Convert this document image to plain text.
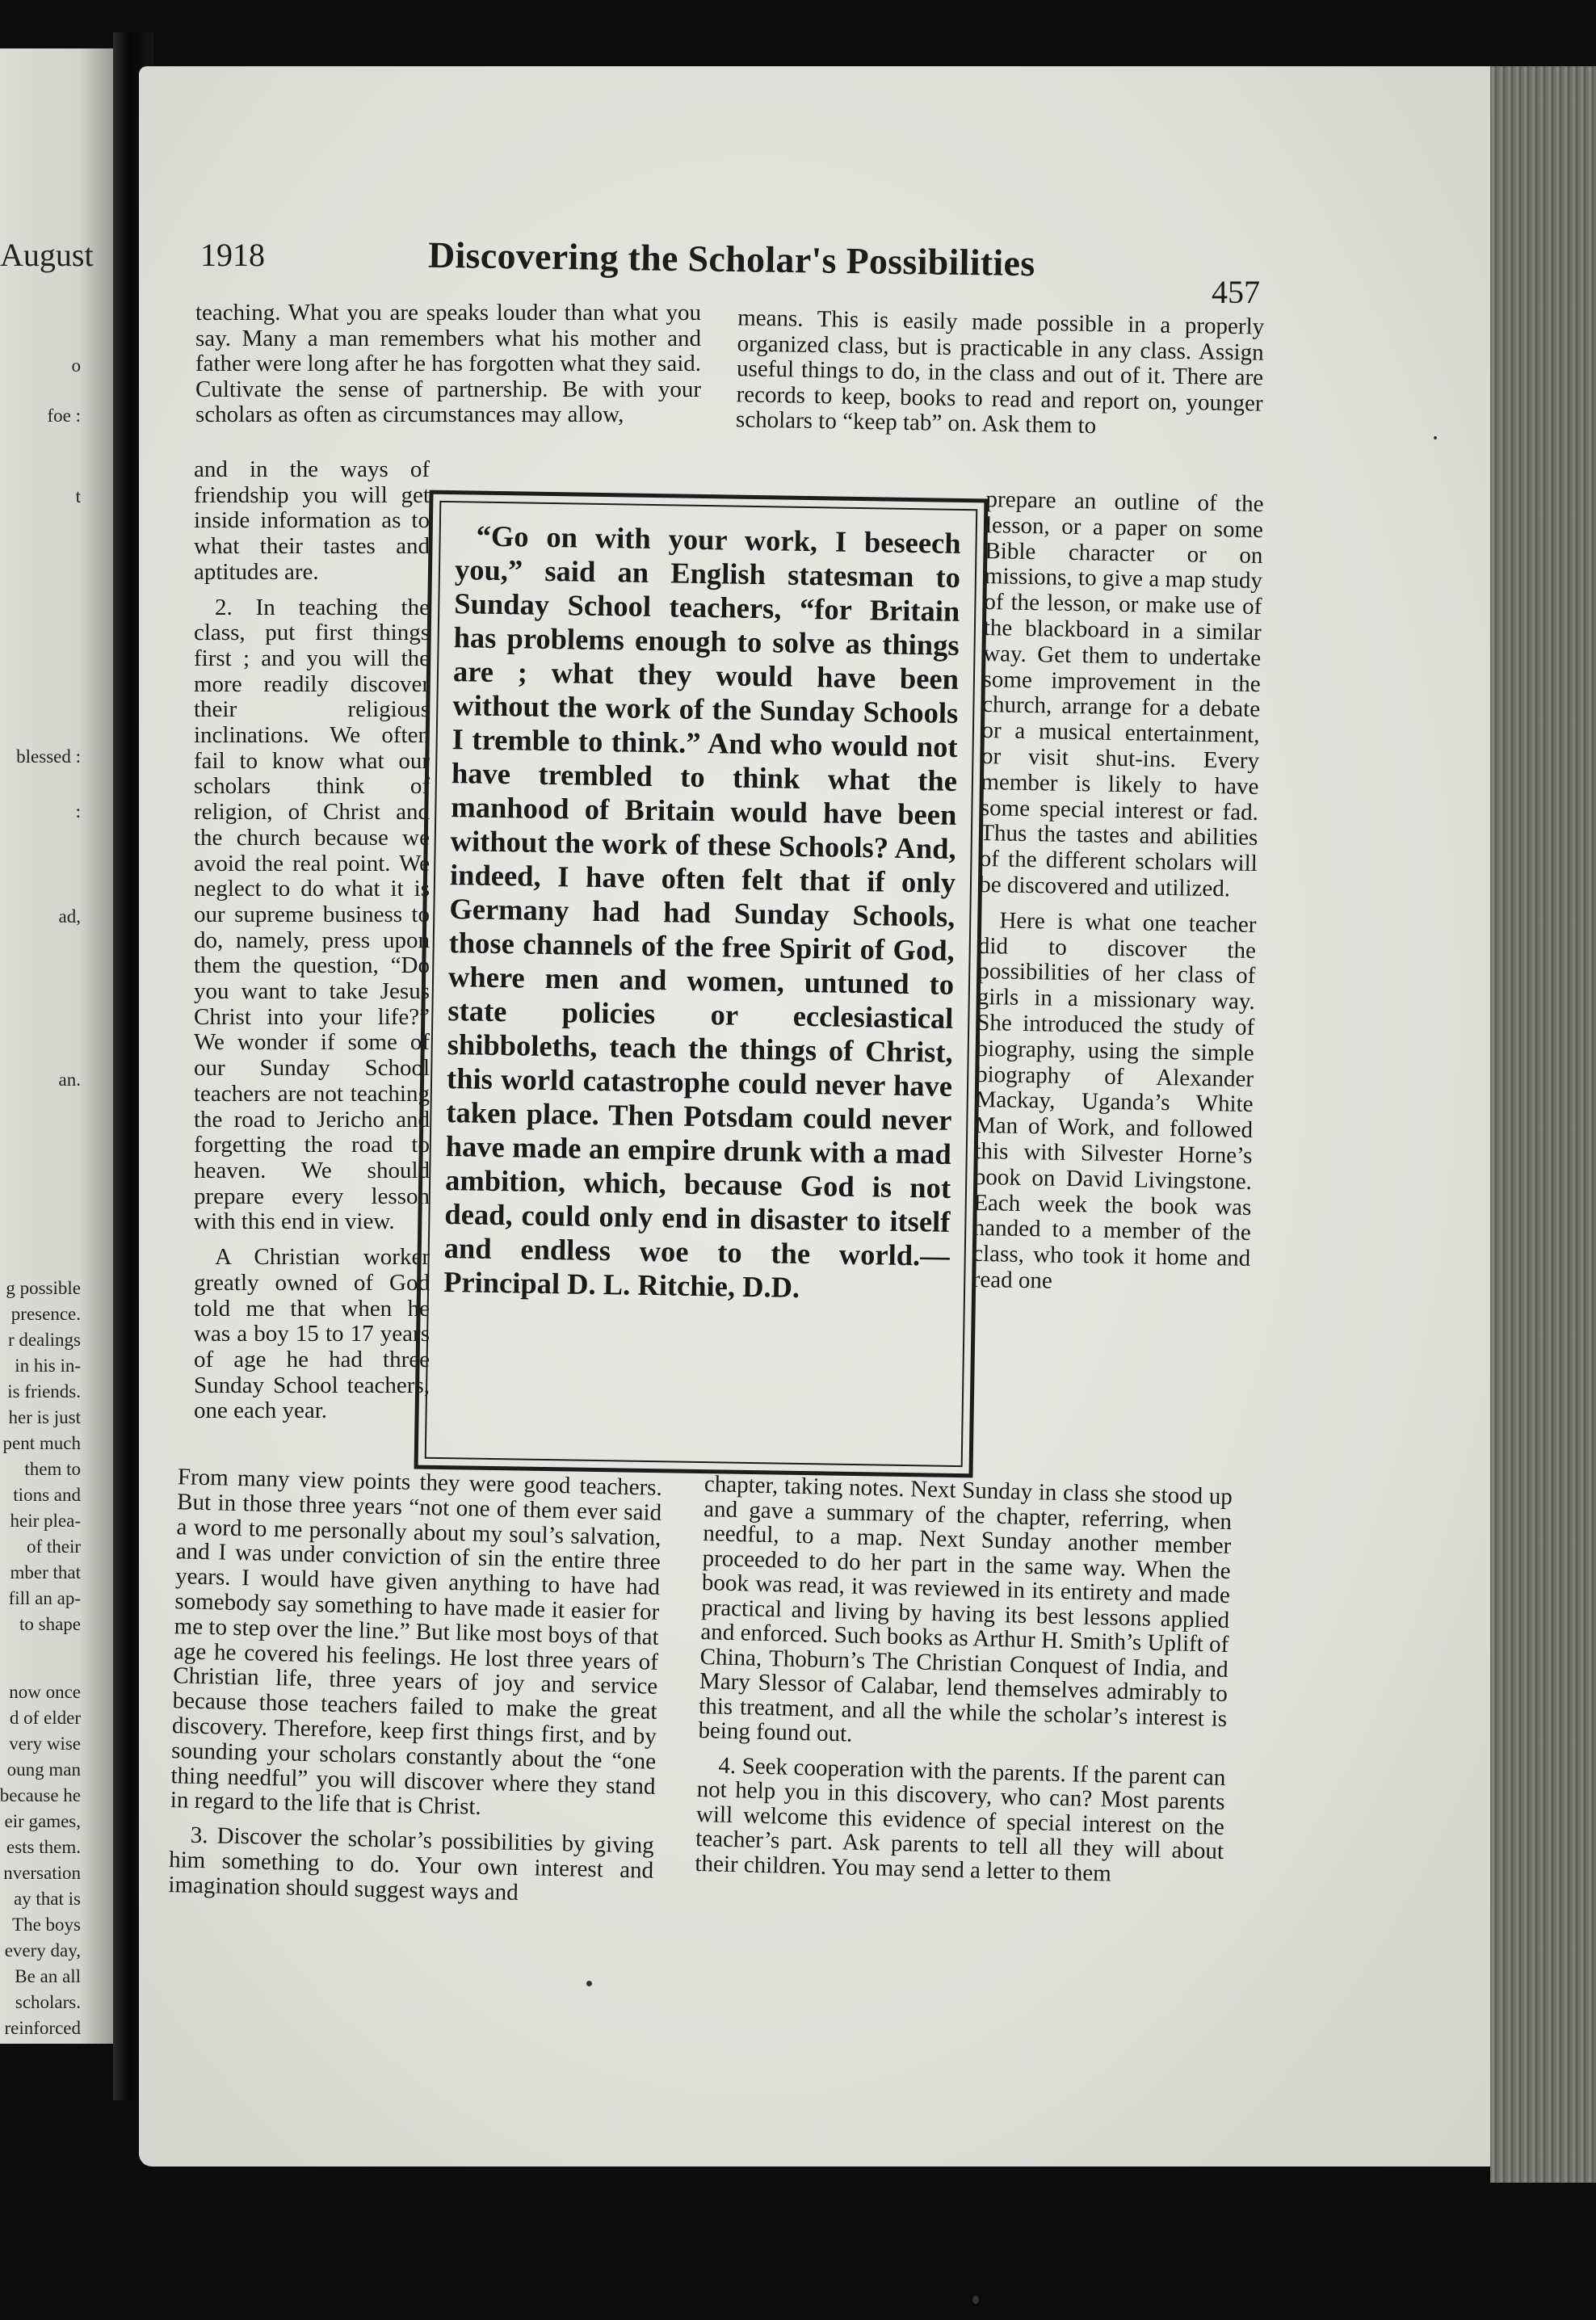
August
o
foe :
t
blessed :
:
ad,
an.
g possible
presence.
r dealings
in his in-
is friends.
her is just
pent much
them to
tions and
heir plea-
of their
mber that
fill an ap-
to shape
now once
d of elder
very wise
oung man
because he
eir games,
ests them.
nversation
ay that is
The boys
every day,
Be an all
scholars.
reinforced
1918	Discovering the Scholar's Possibilities
457

teaching. What you are speaks louder than what you say. Many a man remembers what his mother and father were long after he has forgotten what they said. Cultivate the sense of partnership. Be with your scholars as often as circumstances may allow,

and in the ways of friendship you will get inside information as to what their tastes and aptitudes are.

2. In teaching the class, put first things first ; and you will the more readily discover their religious inclinations. We often fail to know what our scholars think of religion, of Christ and the church because we avoid the real point. We neglect to do what it is our supreme business to do, namely, press upon them the question, “Do you want to take Jesus Christ into your life?” We wonder if some of our Sunday School teachers are not teaching the road to Jericho and forgetting the road to heaven. We should prepare every lesson with this end in view.

A Christian worker greatly owned of God told me that when he was a boy 15 to 17 years of age he had three Sunday School teachers, one each year.

From many view points they were good teachers. But in those three years “not one of them ever said a word to me personally about my soul’s salvation, and I was under conviction of sin the entire three years. I would have given anything to have had somebody say something to have made it easier for me to step over the line.” But like most boys of that age he covered his feelings. He lost three years of Christian life, three years of joy and service because those teachers failed to make the great discovery. Therefore, keep first things first, and by sounding your scholars constantly about the “one thing needful” you will discover where they stand in regard to the life that is Christ.

3. Discover the scholar’s possibilities by giving him something to do. Your own interest and imagination should suggest ways and

means. This is easily made possible in a properly organized class, but is practicable in any class. Assign useful things to do, in the class and out of it. There are records to keep, books to read and report on, younger scholars to “keep tab” on. Ask them to

prepare an outline of the lesson, or a paper on some Bible character or on missions, to give a map study of the lesson, or make use of the blackboard in a similar way. Get them to undertake some improvement in the church, arrange for a debate or a musical entertainment, or visit shut-ins. Every member is likely to have some special interest or fad. Thus the tastes and abilities of the different scholars will be discovered and utilized.

Here is what one teacher did to discover the possibilities of her class of girls in a missionary way. She introduced the study of biography, using the simple biography of Alexander Mackay, Uganda’s White Man of Work, and followed this with Silvester Horne’s book on David Livingstone. Each week the book was handed to a member of the class, who took it home and read one

chapter, taking notes. Next Sunday in class she stood up and gave a summary of the chapter, referring, when needful, to a map. Next Sunday another member proceeded to do her part in the same way. When the book was read, it was reviewed in its entirety and made practical and living by having its best lessons applied and enforced. Such books as Arthur H. Smith’s Uplift of China, Thoburn’s The Christian Conquest of India, and Mary Slessor of Calabar, lend themselves admirably to this treatment, and all the while the scholar’s interest is being found out.

4. Seek cooperation with the parents. If the parent can not help you in this discovery, who can? Most parents will welcome this evidence of special interest on the teacher’s part. Ask parents to tell all they will about their children. You may send a letter to them

“Go on with your work, I beseech you,” said an English statesman to Sunday School teachers, “for Britain has problems enough to solve as things are ; what they would have been without the work of the Sunday Schools I tremble to think.” And who would not have trembled to think what the manhood of Britain would have been without the work of these Schools? And, indeed, I have often felt that if only Germany had had Sunday Schools, those channels of the free Spirit of God, where men and women, untuned to state policies or ecclesiastical shibboleths, teach the things of Christ, this world catastrophe could never have taken place. Then Potsdam could never have made an empire drunk with a mad ambition, which, because God is not dead, could only end in disaster to itself and endless woe to the world.—Principal D. L. Ritchie, D.D.
